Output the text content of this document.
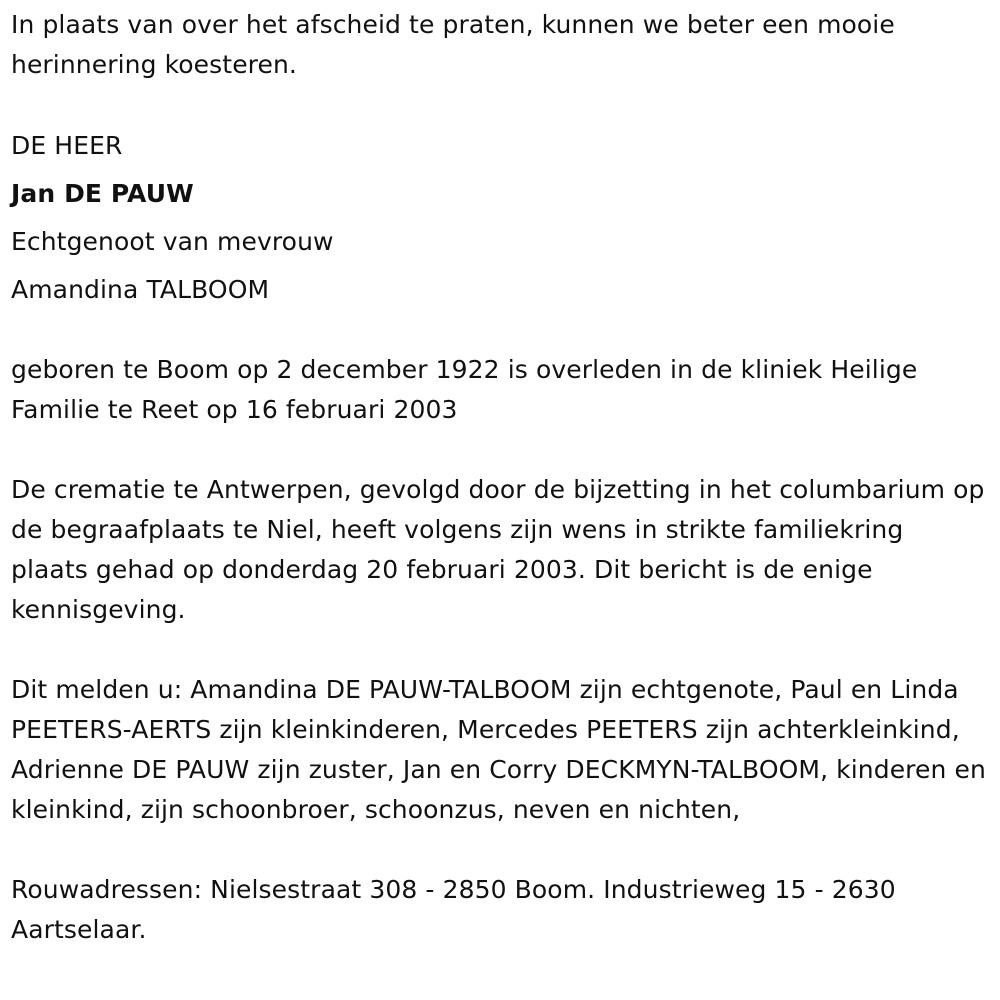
In plaats van over het afscheid te praten, kunnen we beter een mooie herinnering koesteren.

DE HEER
Jan DE PAUW
Echtgenoot van mevrouw
Amandina TALBOOM

geboren te Boom op 2 december 1922 is overleden in de kliniek Heilige Familie te Reet op 16 februari 2003

De crematie te Antwerpen, gevolgd door de bijzetting in het columbarium op de begraafplaats te Niel, heeft volgens zijn wens in strikte familiekring plaats gehad op donderdag 20 februari 2003. Dit bericht is de enige kennisgeving.

Dit melden u: Amandina DE PAUW-TALBOOM zijn echtgenote, Paul en Linda PEETERS-AERTS zijn kleinkinderen, Mercedes PEETERS zijn achterkleinkind, Adrienne DE PAUW zijn zuster, Jan en Corry DECKMYN-TALBOOM, kinderen en kleinkind, zijn schoonbroer, schoonzus, neven en nichten,

Rouwadressen: Nielsestraat 308 - 2850 Boom. Industrieweg 15 - 2630 Aartselaar.
